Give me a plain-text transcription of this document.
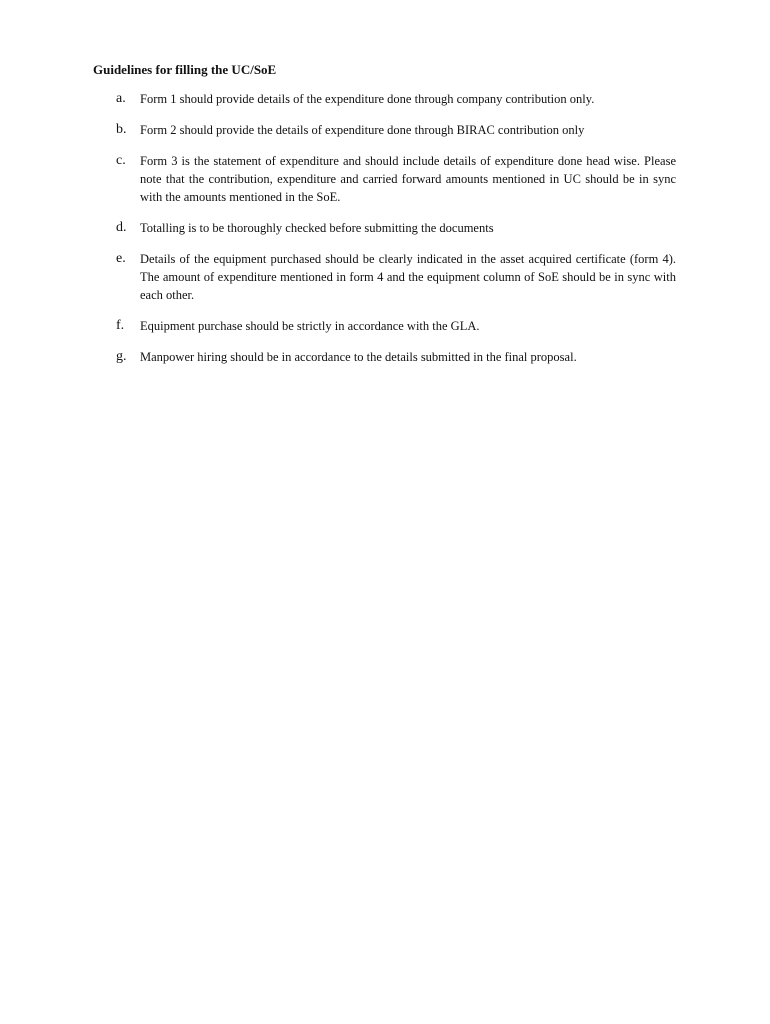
Guidelines for filling the UC/SoE
a. Form 1 should provide details of the expenditure done through company contribution only.
b. Form 2 should provide the details of expenditure done through BIRAC contribution only
c. Form 3 is the statement of expenditure and should include details of expenditure done head wise. Please note that the contribution, expenditure and carried forward amounts mentioned in UC should be in sync with the amounts mentioned in the SoE.
d. Totalling is to be thoroughly checked before submitting the documents
e. Details of the equipment purchased should be clearly indicated in the asset acquired certificate (form 4). The amount of expenditure mentioned in form 4 and the equipment column of SoE should be in sync with each other.
f. Equipment purchase should be strictly in accordance with the GLA.
g. Manpower hiring should be in accordance to the details submitted in the final proposal.
